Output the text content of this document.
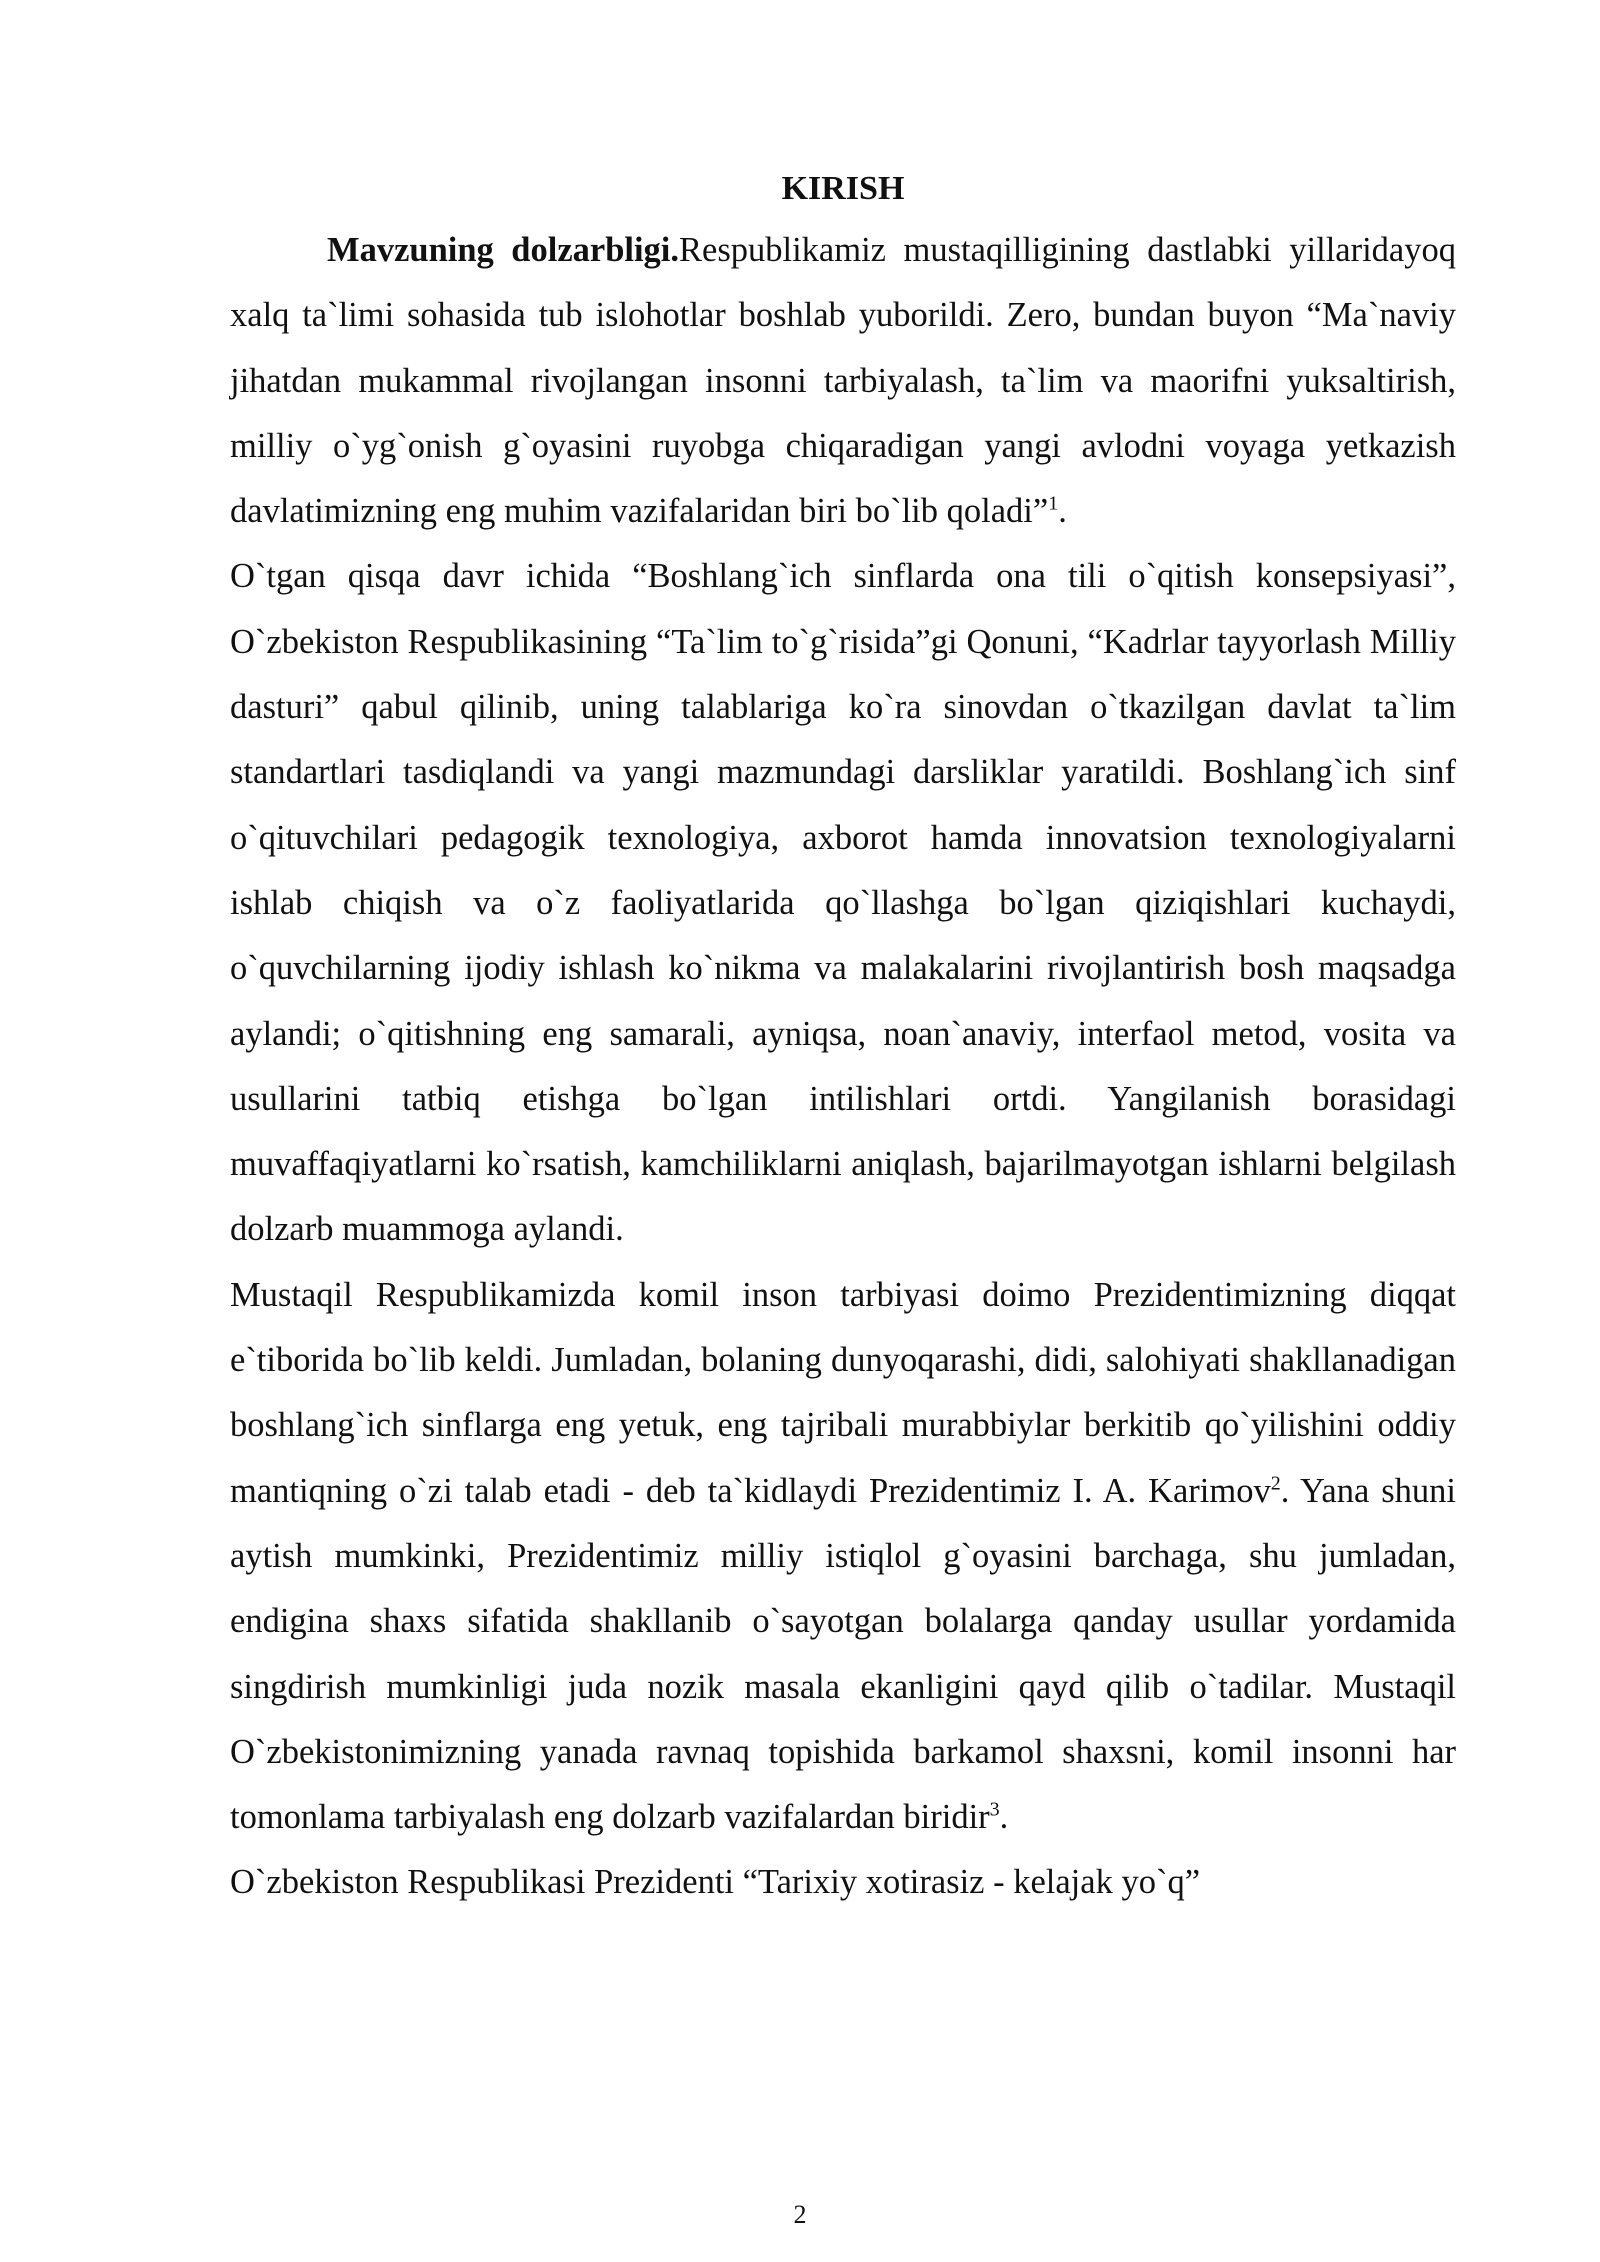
KIRISH

Mavzuning dolzarbligi.Respublikamiz mustaqilligining dastlabki yillaridayoq xalq ta`limi sohasida tub islohotlar boshlab yuborildi. Zero, bundan buyon “Ma`naviy jihatdan mukammal rivojlangan insonni tarbiyalash, ta`lim va maorifni yuksaltirish, milliy o`yg`onish g`oyasini ruyobga chiqaradigan yangi avlodni voyaga yetkazish davlatimizning eng muhim vazifalaridan biri bo`lib qoladi”$^1$.

O`tgan qisqa davr ichida “Boshlang`ich sinflarda ona tili o`qitish konsepsiyasi”, O`zbekiston Respublikasining “Ta`lim to`g`risida”gi Qonuni, “Kadrlar tayyorlash Milliy dasturi” qabul qilinib, uning talablariga ko`ra sinovdan o`tkazilgan davlat ta`lim standartlari tasdiqlandi va yangi mazmundagi darsliklar yaratildi. Boshlang`ich sinf o`qituvchilari pedagogik texnologiya, axborot hamda innovatsion texnologiyalarni ishlab chiqish va o`z faoliyatlarida qo`llashga bo`lgan qiziqishlari kuchaydi, o`quvchilarning ijodiy ishlash ko`nikma va malakalarini rivojlantirish bosh maqsadga aylandi; o`qitishning eng samarali, ayniqsa, noan`anaviy, interfaol metod, vosita va usullarini tatbiq etishga bo`lgan intilishlari ortdi. Yangilanish borasidagi muvaffaqiyatlarni ko`rsatish, kamchiliklarni aniqlash, bajarilmayotgan ishlarni belgilash dolzarb muammoga aylandi.

Mustaqil Respublikamizda komil inson tarbiyasi doimo Prezidentimizning diqqat e`tiborida bo`lib keldi. Jumladan, bolaning dunyoqarashi, didi, salohiyati shakllanadigan boshlang`ich sinflarga eng yetuk, eng tajribali murabbiylar berkitib qo`yilishini oddiy mantiqning o`zi talab etadi - deb ta`kidlaydi Prezidentimiz I. A. Karimov$^2$. Yana shuni aytish mumkinki, Prezidentimiz milliy istiqlol g`oyasini barchaga, shu jumladan, endigina shaxs sifatida shakllanib o`sayotgan bolalarga qanday usullar yordamida singdirish mumkinligi juda nozik masala ekanligini qayd qilib o`tadilar. Mustaqil O`zbekistonimizning yanada ravnaq topishida barkamol shaxsni, komil insonni har tomonlama tarbiyalash eng dolzarb vazifalardan biridir$^3$.

O`zbekiston Respublikasi Prezidenti “Tarixiy xotirasiz - kelajak yo`q”

2
